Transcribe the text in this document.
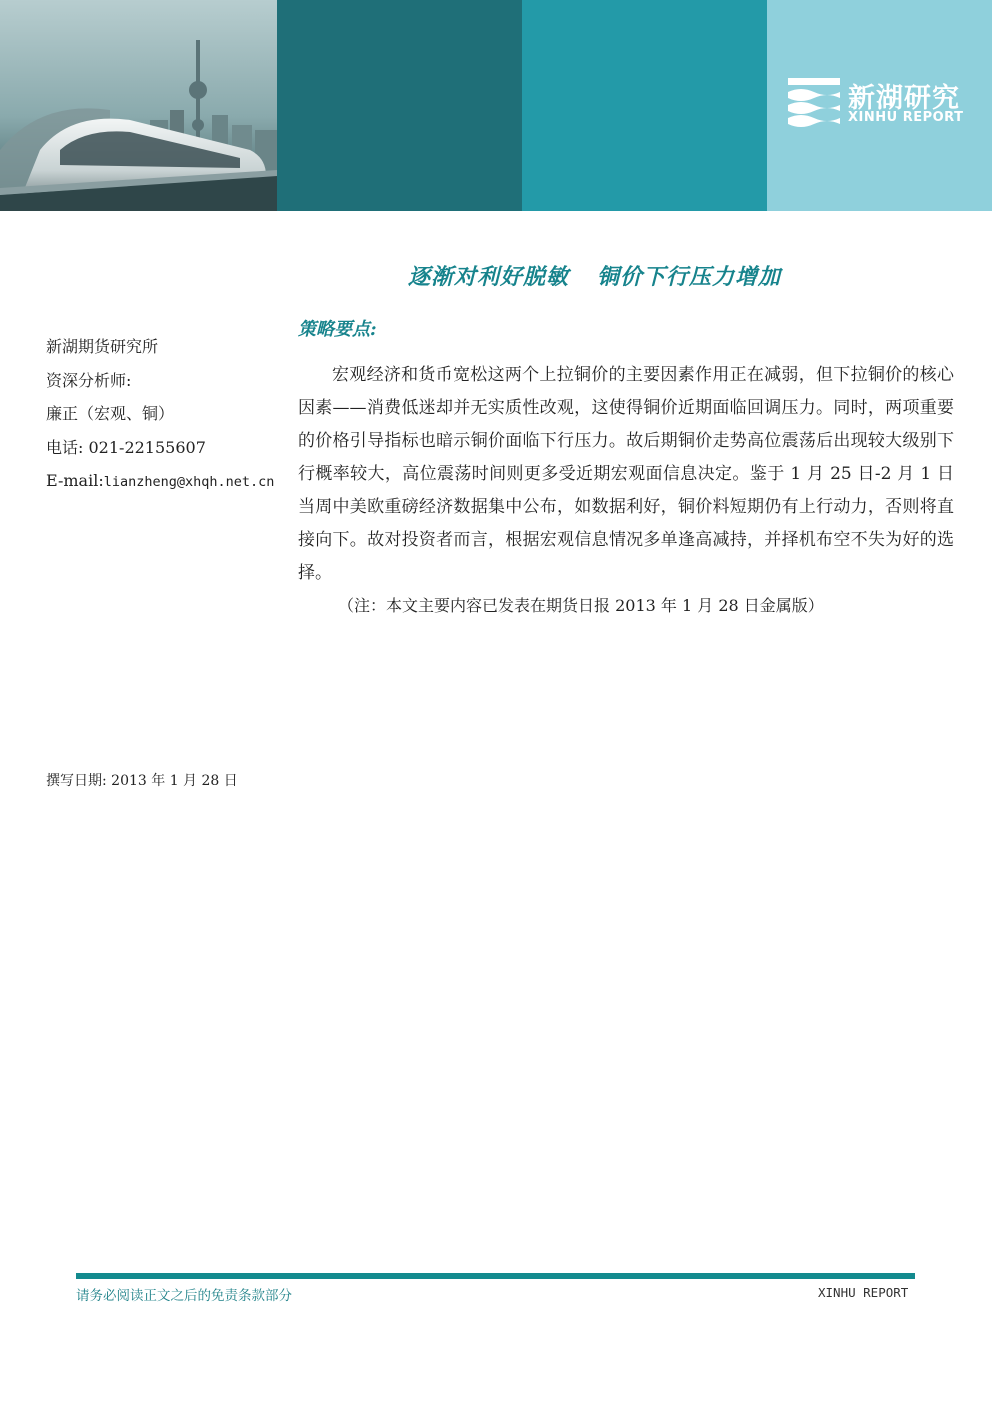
新湖研究
XINHU REPORT
逐渐对利好脱敏 铜价下行压力增加
新湖期货研究所
资深分析师:
廉正（宏观、铜）
电话: 021-22155607
E-mail:lianzheng@xhqh.net.cn
撰写日期: 2013 年 1 月 28 日
策略要点:
宏观经济和货币宽松这两个上拉铜价的主要因素作用正在减弱，但下拉铜价的核心因素——消费低迷却并无实质性改观，这使得铜价近期面临回调压力。同时，两项重要的价格引导指标也暗示铜价面临下行压力。故后期铜价走势高位震荡后出现较大级别下行概率较大，高位震荡时间则更多受近期宏观面信息决定。鉴于 1 月 25 日-2 月 1 日当周中美欧重磅经济数据集中公布，如数据利好，铜价料短期仍有上行动力，否则将直接向下。故对投资者而言，根据宏观信息情况多单逢高减持，并择机布空不失为好的选择。
（注：本文主要内容已发表在期货日报 2013 年 1 月 28 日金属版）
请务必阅读正文之后的免责条款部分	XINHU REPORT
